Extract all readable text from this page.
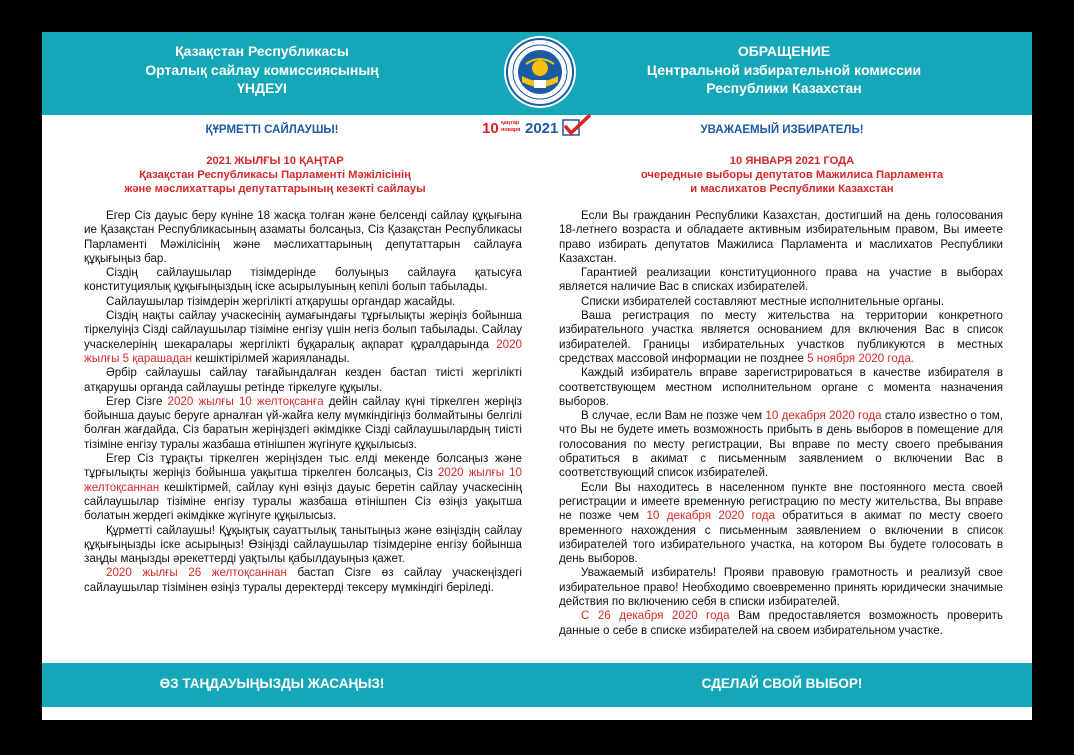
Қазақстан Республикасы
Орталық сайлау комиссиясының
ҮНДЕУІ
ОБРАЩЕНИЕ
Центральной избирательной комиссии
Республики Казахстан
ҚҰРМЕТТІ САЙЛАУШЫ!	10 қаңтар
января 2021	УВАЖАЕМЫЙ ИЗБИРАТЕЛЬ!
2021 ЖЫЛҒЫ 10 ҚАҢТАР
Қазақстан Республикасы Парламенті Мәжілісінің
және мәслихаттары депутаттарының кезекті сайлауы
10 ЯНВАРЯ 2021 ГОДА
очередные выборы депутатов Мажилиса Парламента
и маслихатов Республики Казахстан

Егер Сіз дауыс беру күніне 18 жасқа толған және белсенді сайлау құқығына ие Қазақстан Республикасының азаматы болсаңыз, Сіз Қазақстан Республикасы Парламенті Мәжілісінің және мәслихаттарының депутаттарын сайлауға құқығыңыз бар.

Сіздің сайлаушылар тізімдерінде болуыңыз сайлауға қатысуға конституциялық құқығыңыздың іске асырылуының кепілі болып табылады.

Сайлаушылар тізімдерін жергілікті атқарушы органдар жасайды.

Сіздің нақты сайлау учаскесінің аумағындағы тұрғылықты жеріңіз бойынша тіркелуіңіз Сізді сайлаушылар тізіміне енгізу үшін негіз болып табылады. Сайлау учаскелерінің шекаралары жергілікті бұқаралық ақпарат құралдарында 2020 жылғы 5 қарашадан кешіктірілмей жарияланады.

Әрбір сайлаушы сайлау тағайындалған кезден бастап тиісті жергілікті атқарушы органда сайлаушы ретінде тіркелуге құқылы.

Егер Сізге 2020 жылғы 10 желтоқсанға дейін сайлау күні тіркелген жеріңіз бойынша дауыс беруге арналған үй-жайға келу мүмкіндігіңіз болмайтыны белгілі болған жағдайда, Сіз баратын жеріңіздегі әкімдікке Сізді сайлаушылардың тиісті тізіміне енгізу туралы жазбаша өтінішпен жүгінуге құқылысыз.

Егер Сіз тұрақты тіркелген жеріңізден тыс елді мекенде болсаңыз және тұрғылықты жеріңіз бойынша уақытша тіркелген болсаңыз, Сіз 2020 жылғы 10 желтоқсаннан кешіктірмей, сайлау күні өзіңіз дауыс беретін сайлау учаскесінің сайлаушылар тізіміне енгізу туралы жазбаша өтінішпен Сіз өзіңіз уақытша болатын жердегі әкімдікке жүгінуге құқылысыз.

Құрметті сайлаушы! Құқықтық сауаттылық танытыңыз және өзіңіздің сайлау құқығыңызды іске асырыңыз! Өзіңізді сайлаушылар тізімдеріне енгізу бойынша заңды маңызды әрекеттерді уақтылы қабылдауыңыз қажет.

2020 жылғы 26 желтоқсаннан бастап Сізге өз сайлау учаскеңіздегі сайлаушылар тізімінен өзіңіз туралы деректерді тексеру мүмкіндігі беріледі.

Если Вы гражданин Республики Казахстан, достигший на день голосования 18-летнего возраста и обладаете активным избирательным правом, Вы имеете право избирать депутатов Мажилиса Парламента и маслихатов Республики Казахстан.

Гарантией реализации конституционного права на участие в выборах является наличие Вас в списках избирателей.

Списки избирателей составляют местные исполнительные органы.

Ваша регистрация по месту жительства на территории конкретного избирательного участка является основанием для включения Вас в список избирателей. Границы избирательных участков публикуются в местных средствах массовой информации не позднее 5 ноября 2020 года.

Каждый избиратель вправе зарегистрироваться в качестве избирателя в соответствующем местном исполнительном органе с момента назначения выборов.

В случае, если Вам не позже чем 10 декабря 2020 года стало известно о том, что Вы не будете иметь возможность прибыть в день выборов в помещение для голосования по месту регистрации, Вы вправе по месту своего пребывания обратиться в акимат с письменным заявлением о включении Вас в соответствующий список избирателей.

Если Вы находитесь в населенном пункте вне постоянного места своей регистрации и имеете временную регистрацию по месту жительства, Вы вправе не позже чем 10 декабря 2020 года обратиться в акимат по месту своего временного нахождения с письменным заявлением о включении в список избирателей того избирательного участка, на котором Вы будете голосовать в день выборов.

Уважаемый избиратель! Прояви правовую грамотность и реализуй свое избирательное право! Необходимо своевременно принять юридически значимые действия по включению себя в списки избирателей.

С 26 декабря 2020 года Вам предоставляется возможность проверить данные о себе в списке избирателей на своем избирательном участке.

ӨЗ ТАҢДАУЫҢЫЗДЫ ЖАСАҢЫЗ!	СДЕЛАЙ СВОЙ ВЫБОР!
